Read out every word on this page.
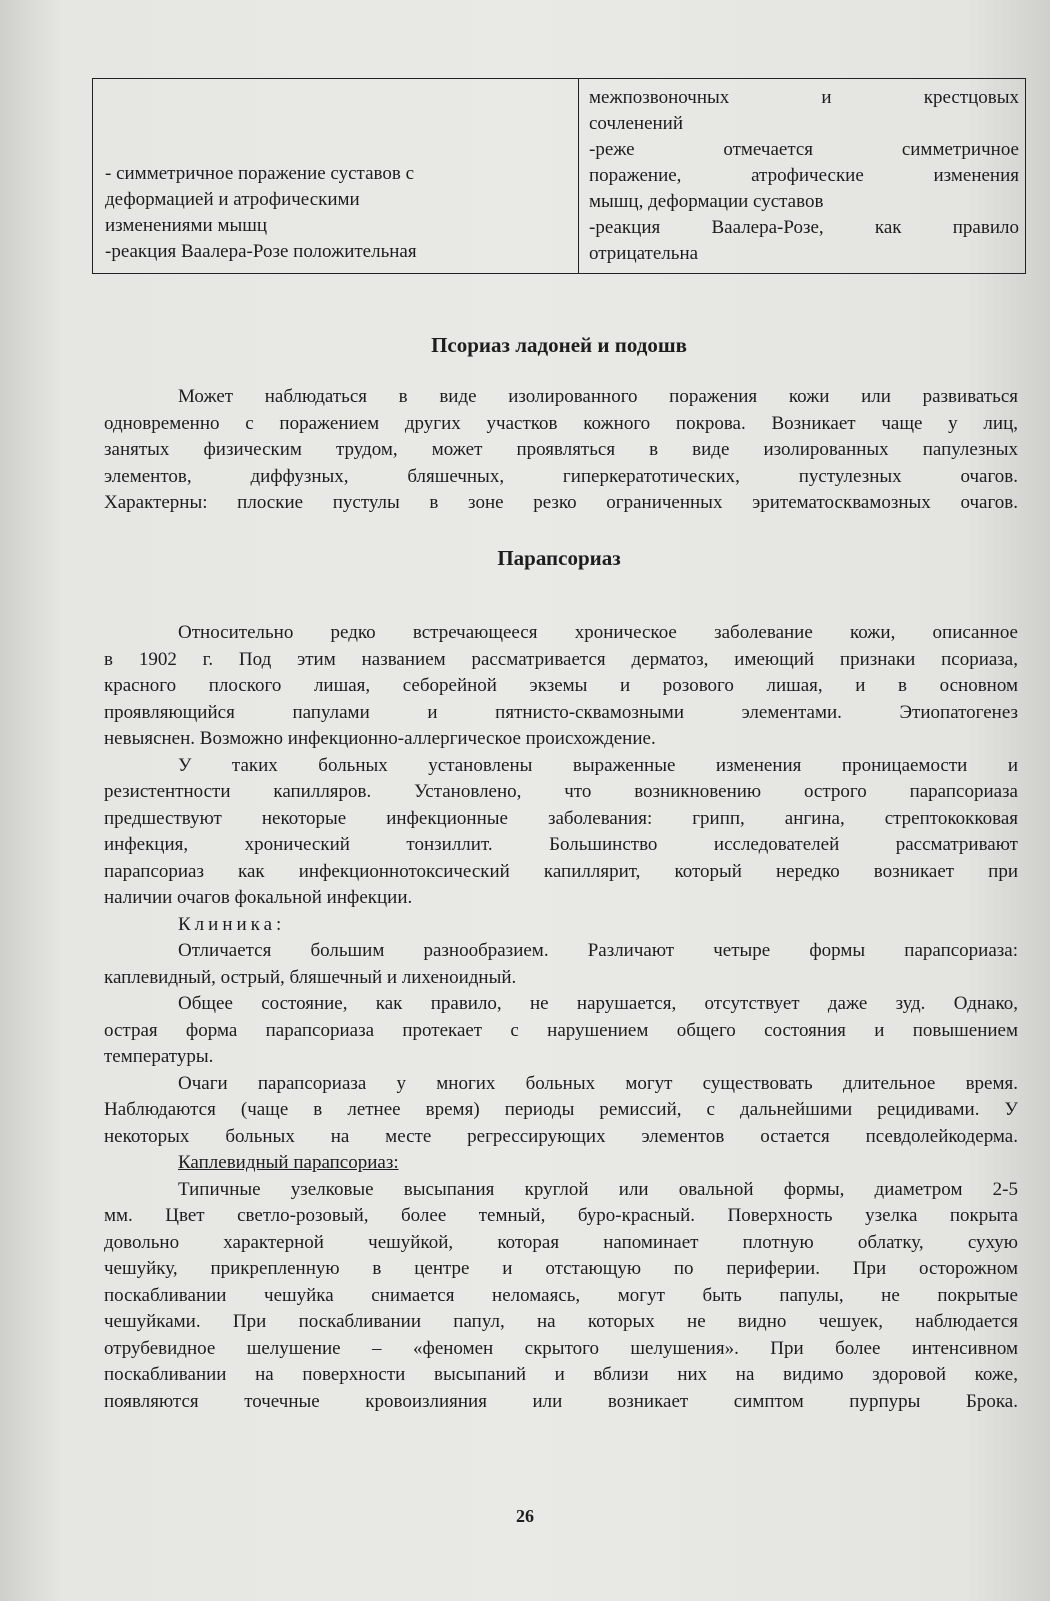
- симметричное поражение суставов с
деформацией и атрофическими
изменениями мышц
-реакция Ваалера-Розе положительная
межпозвоночных и крестцовых
сочленений
-реже отмечается симметричное
поражение, атрофические изменения
мышц, деформации суставов
-реакция Ваалера-Розе, как правило
отрицательна
Псориаз ладоней и подошв
Может наблюдаться в виде изолированного поражения кожи или развиваться
одновременно с поражением других участков кожного покрова. Возникает чаще у лиц,
занятых физическим трудом, может проявляться в виде изолированных папулезных
элементов, диффузных, бляшечных, гиперкератотических, пустулезных очагов.
Характерны: плоские пустулы в зоне резко ограниченных эритематосквамозных очагов.
Парапсориаз
Относительно редко встречающееся хроническое заболевание кожи, описанное
в 1902 г. Под этим названием рассматривается дерматоз, имеющий признаки псориаза,
красного плоского лишая, себорейной экземы и розового лишая, и в основном
проявляющийся папулами и пятнисто-сквамозными элементами. Этиопатогенез
невыяснен. Возможно инфекционно-аллергическое происхождение.
У таких больных установлены выраженные изменения проницаемости и
резистентности капилляров. Установлено, что возникновению острого парапсориаза
предшествуют некоторые инфекционные заболевания: грипп, ангина, стрептококковая
инфекция, хронический тонзиллит. Большинство исследователей рассматривают
парапсориаз как инфекционнотоксический капиллярит, который нередко возникает при
наличии очагов фокальной инфекции.
Клиника:
Отличается большим разнообразием. Различают четыре формы парапсориаза:
каплевидный, острый, бляшечный и лихеноидный.
Общее состояние, как правило, не нарушается, отсутствует даже зуд. Однако,
острая форма парапсориаза протекает с нарушением общего состояния и повышением
температуры.
Очаги парапсориаза у многих больных могут существовать длительное время.
Наблюдаются (чаще в летнее время) периоды ремиссий, с дальнейшими рецидивами. У
некоторых больных на месте регрессирующих элементов остается псевдолейкодерма.
Каплевидный парапсориаз:
Типичные узелковые высыпания круглой или овальной формы, диаметром 2-5
мм. Цвет светло-розовый, более темный, буро-красный. Поверхность узелка покрыта
довольно характерной чешуйкой, которая напоминает плотную облатку, сухую
чешуйку, прикрепленную в центре и отстающую по периферии. При осторожном
поскабливании чешуйка снимается неломаясь, могут быть папулы, не покрытые
чешуйками. При поскабливании папул, на которых не видно чешуек, наблюдается
отрубевидное шелушение – «феномен скрытого шелушения». При более интенсивном
поскабливании на поверхности высыпаний и вблизи них на видимо здоровой коже,
появляются точечные кровоизлияния или возникает симптом пурпуры Брока.
26
